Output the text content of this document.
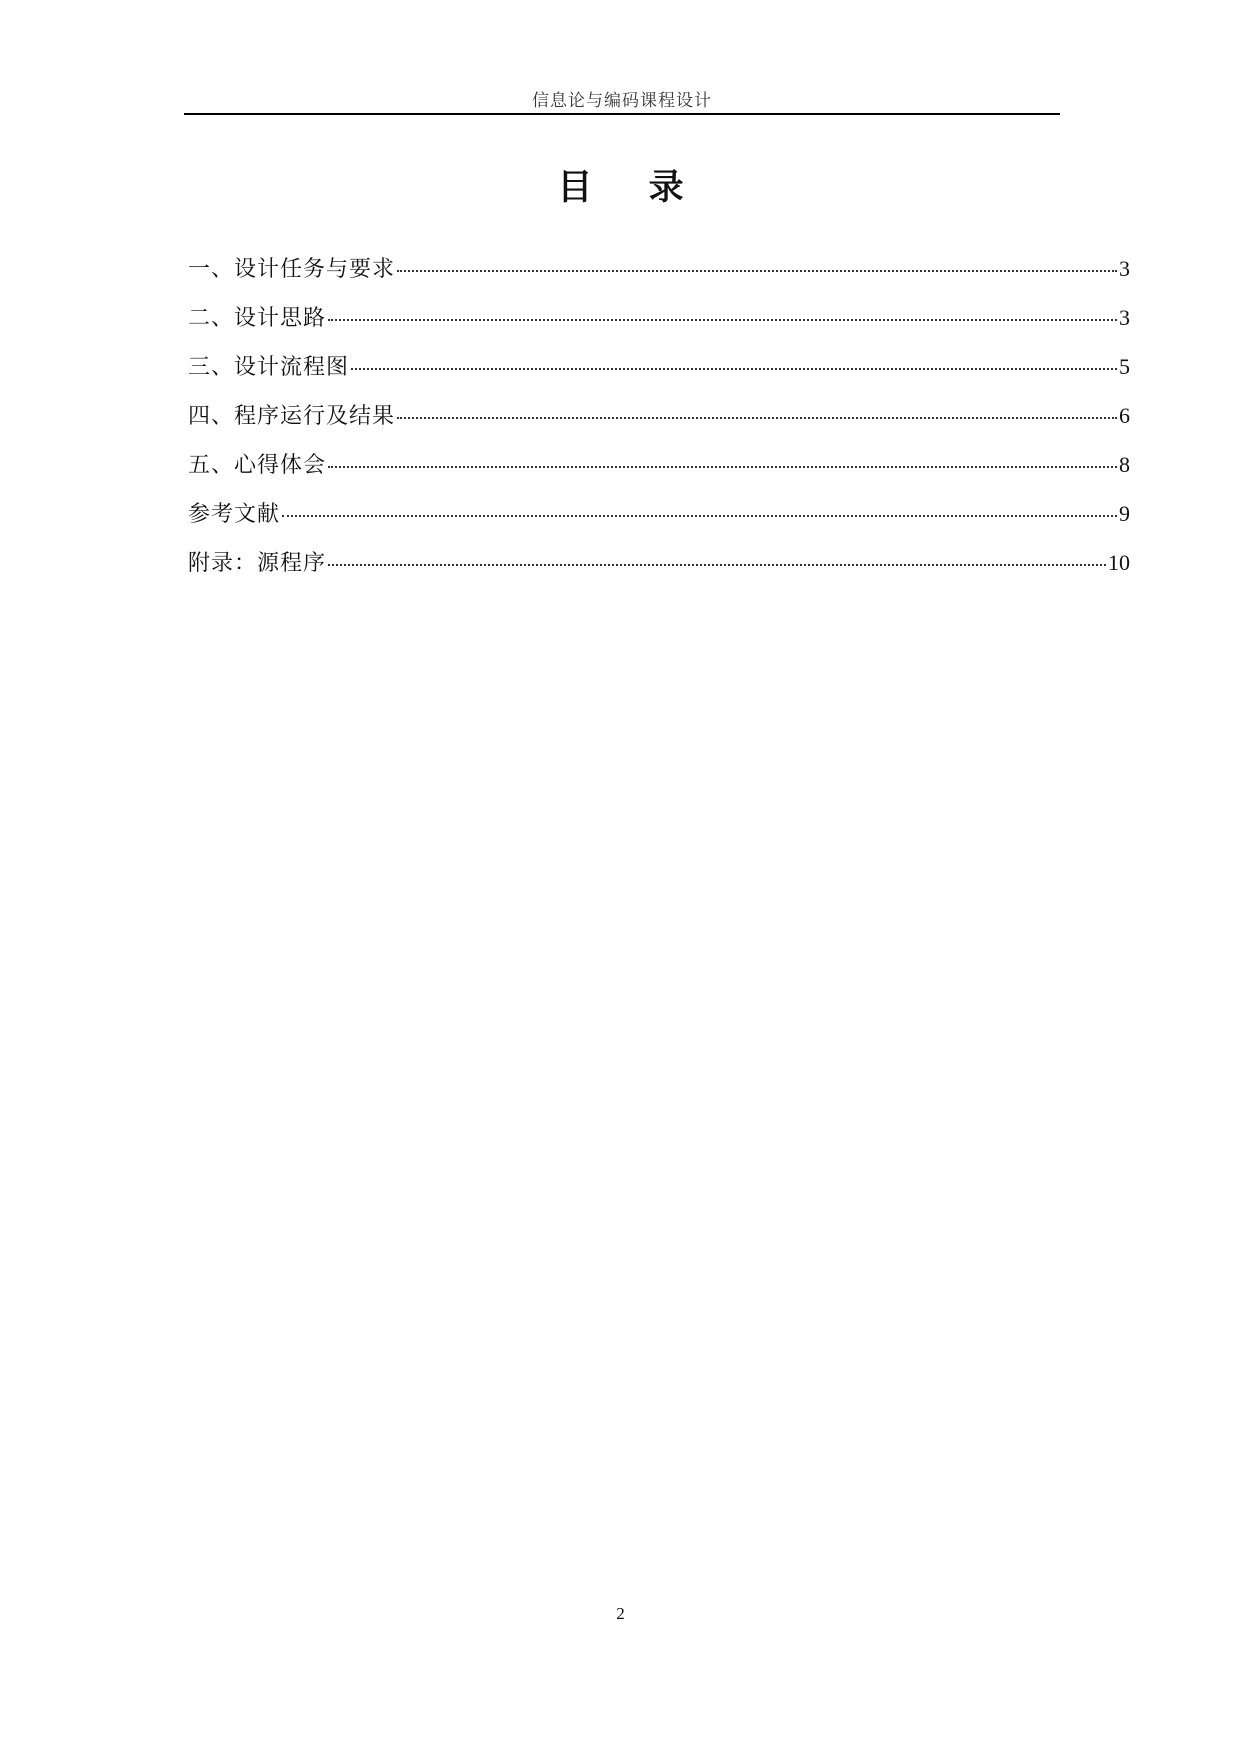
信息论与编码课程设计
目 录
一、设计任务与要求	3
二、设计思路	3
三、设计流程图	5
四、程序运行及结果	6
五、心得体会	8
参考文献	9
附录：源程序	10
2
